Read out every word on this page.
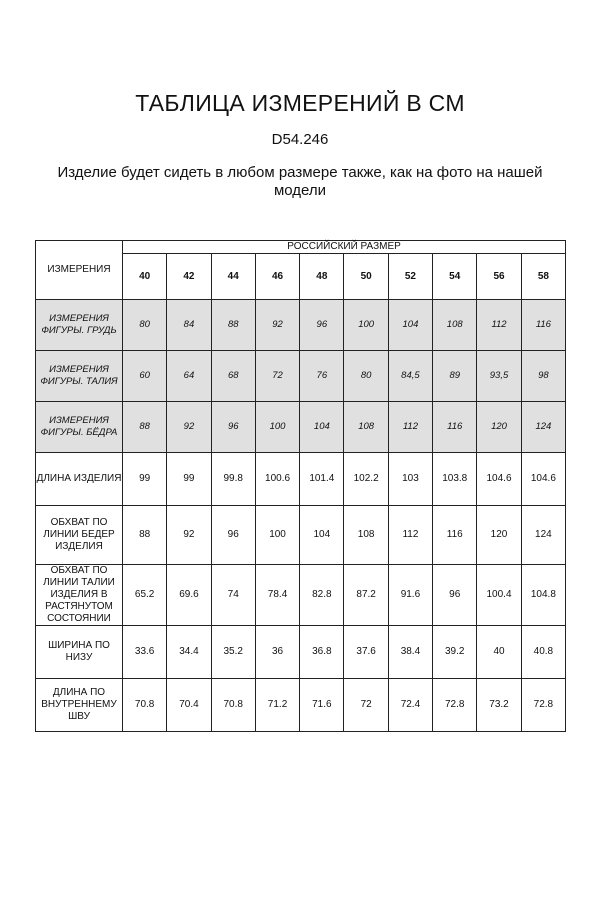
ТАБЛИЦА ИЗМЕРЕНИЙ В СМ
D54.246
Изделие будет сидеть в любом размере также, как на фото на нашей модели
ИЗМЕРЕНИЯ	РОССИЙСКИЙ РАЗМЕР									
	40	42	44	46	48	50	52	54	56	58
ИЗМЕРЕНИЯ ФИГУРЫ. ГРУДЬ	80	84	88	92	96	100	104	108	112	116
ИЗМЕРЕНИЯ ФИГУРЫ. ТАЛИЯ	60	64	68	72	76	80	84,5	89	93,5	98
ИЗМЕРЕНИЯ ФИГУРЫ. БЁДРА	88	92	96	100	104	108	112	116	120	124
ДЛИНА ИЗДЕЛИЯ	99	99	99.8	100.6	101.4	102.2	103	103.8	104.6	104.6
ОБХВАТ ПО ЛИНИИ БЕДЕР ИЗДЕЛИЯ	88	92	96	100	104	108	112	116	120	124
ОБХВАТ ПО ЛИНИИ ТАЛИИ ИЗДЕЛИЯ В РАСТЯНУТОМ СОСТОЯНИИ	65.2	69.6	74	78.4	82.8	87.2	91.6	96	100.4	104.8
ШИРИНА ПО НИЗУ	33.6	34.4	35.2	36	36.8	37.6	38.4	39.2	40	40.8
ДЛИНА ПО ВНУТРЕННЕМУ ШВУ	70.8	70.4	70.8	71.2	71.6	72	72.4	72.8	73.2	72.8
